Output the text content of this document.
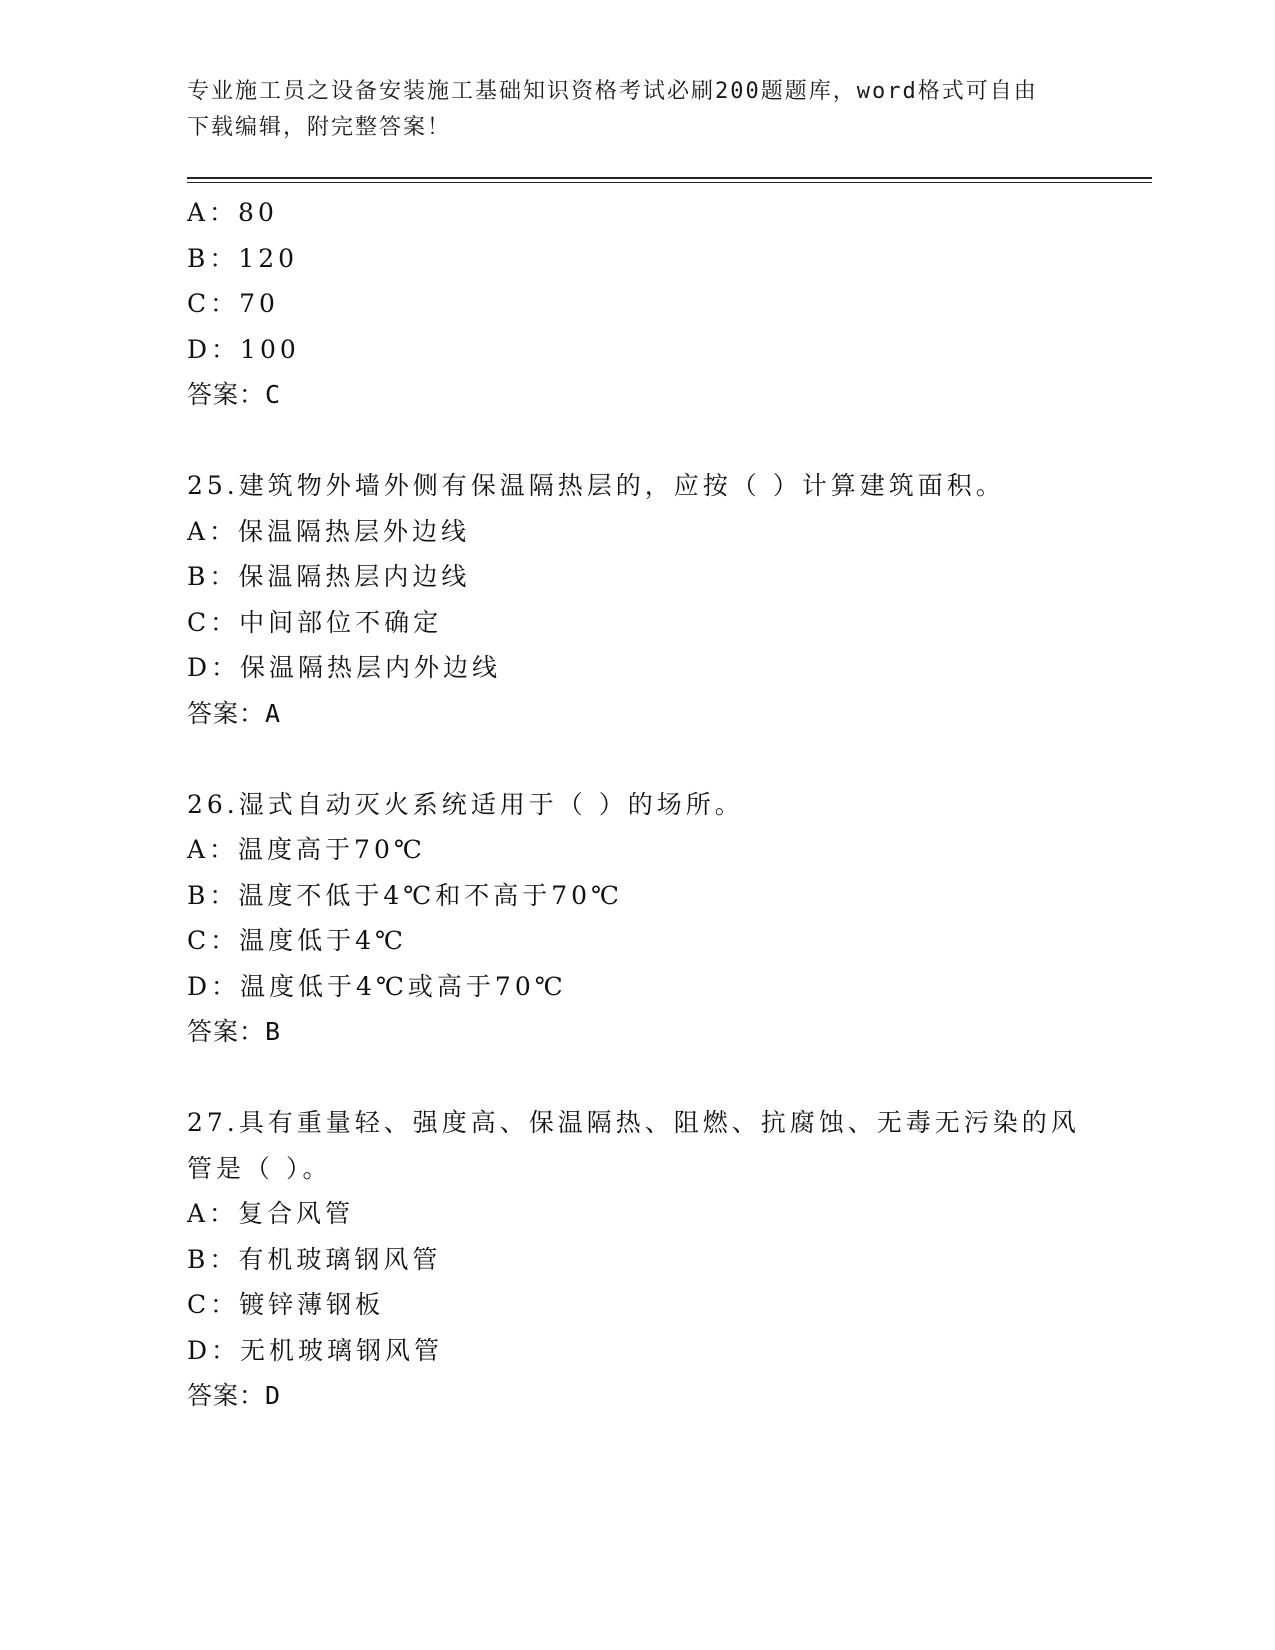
专业施工员之设备安装施工基础知识资格考试必刷200题题库，word格式可自由
下载编辑，附完整答案！
A：80
B：120
C：70
D：100
答案：C
25.建筑物外墙外侧有保温隔热层的，应按（ ）计算建筑面积。
A：保温隔热层外边线
B：保温隔热层内边线
C：中间部位不确定
D：保温隔热层内外边线
答案：A
26.湿式自动灭火系统适用于（ ）的场所。
A：温度高于70℃
B：温度不低于4℃和不高于70℃
C：温度低于4℃
D：温度低于4℃或高于70℃
答案：B
27.具有重量轻、强度高、保温隔热、阻燃、抗腐蚀、无毒无污染的风
管是（ ）。
A：复合风管
B：有机玻璃钢风管
C：镀锌薄钢板
D：无机玻璃钢风管
答案：D
